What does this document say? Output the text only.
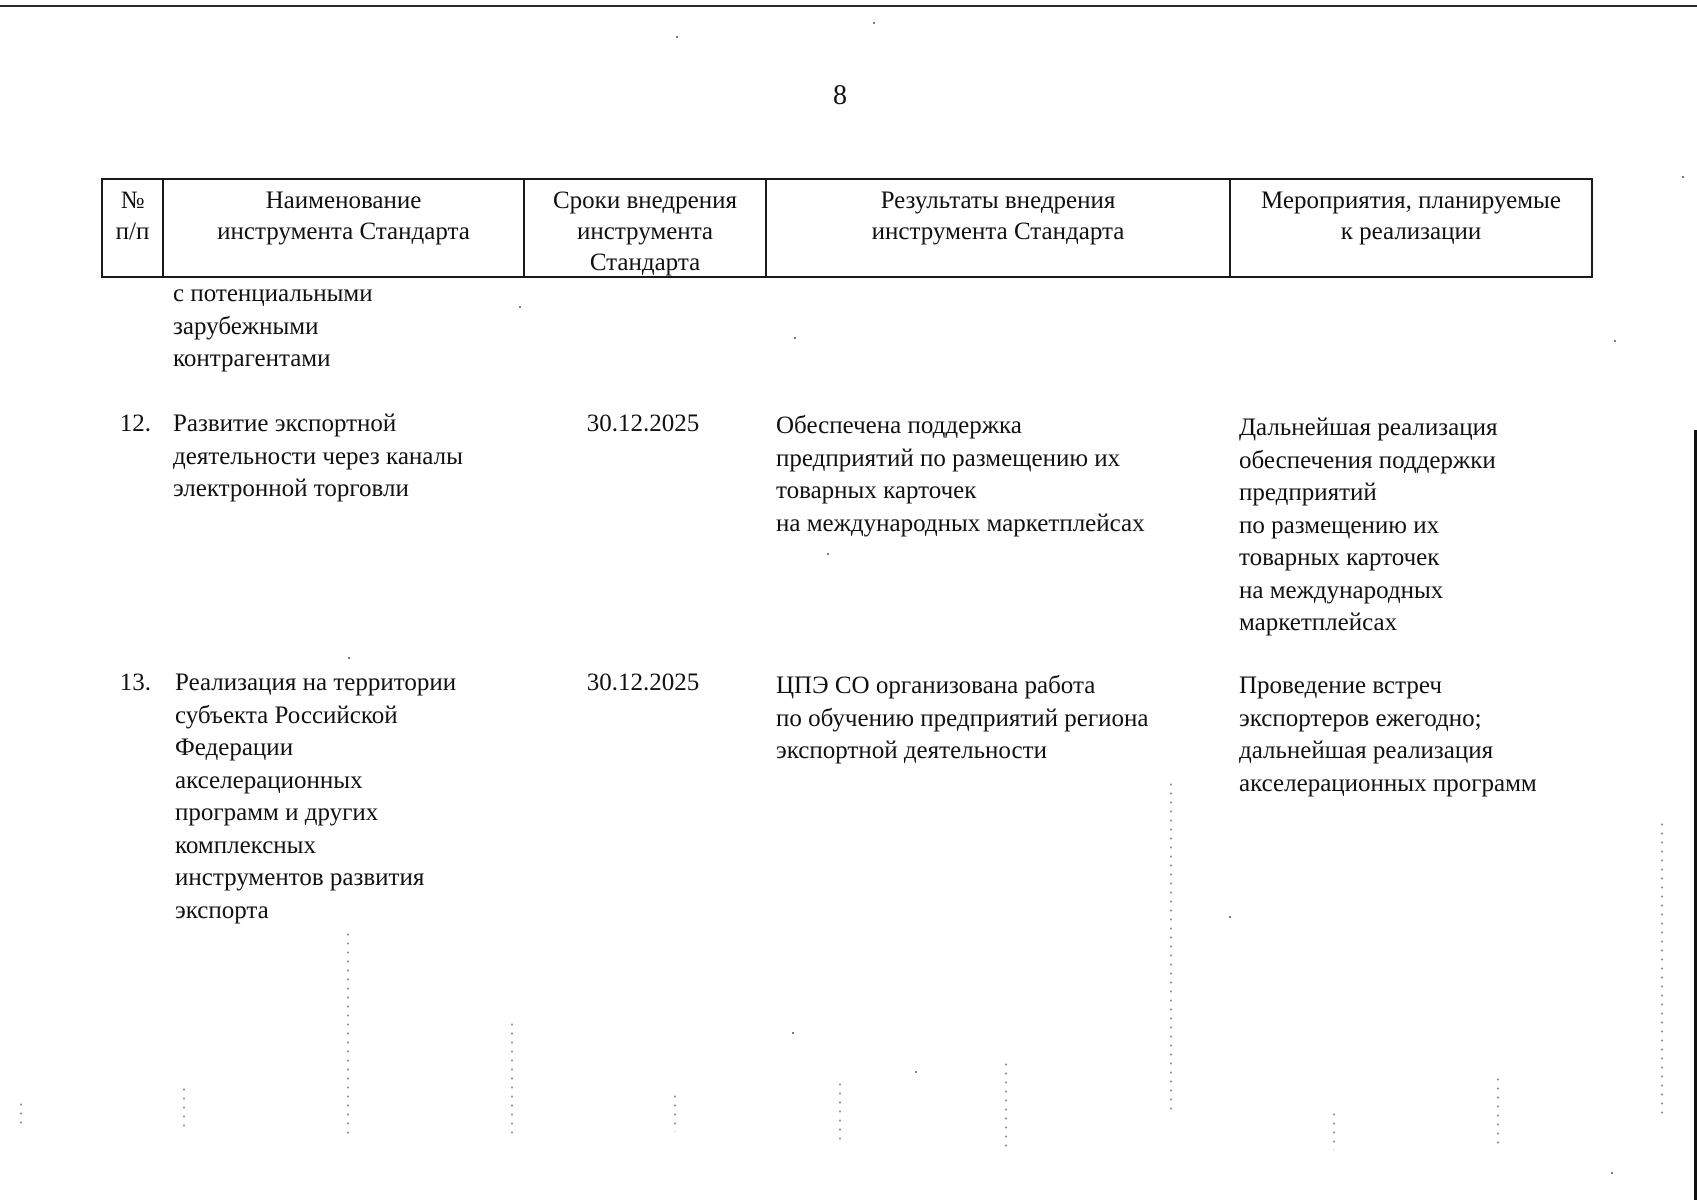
8
№
п/п
Наименование
инструмента Стандарта
Сроки внедрения
инструмента
Стандарта
Результаты внедрения
инструмента Стандарта
Мероприятия, планируемые
к реализации
с потенциальными
зарубежными
контрагентами
12. Развитие экспортной
деятельности через каналы
электронной торговли
30.12.2025	Обеспечена поддержка
предприятий по размещению их
товарных карточек
на международных маркетплейсах
Дальнейшая реализация
обеспечения поддержки
предприятий
по размещению их
товарных карточек
на международных
маркетплейсах
13. Реализация на территории
субъекта Российской
Федерации
акселерационных
программ и других
комплексных
инструментов развития
экспорта
30.12.2025	ЦПЭ СО организована работа
по обучению предприятий региона
экспортной деятельности
Проведение встреч
экспортеров ежегодно;
дальнейшая реализация
акселерационных программ
